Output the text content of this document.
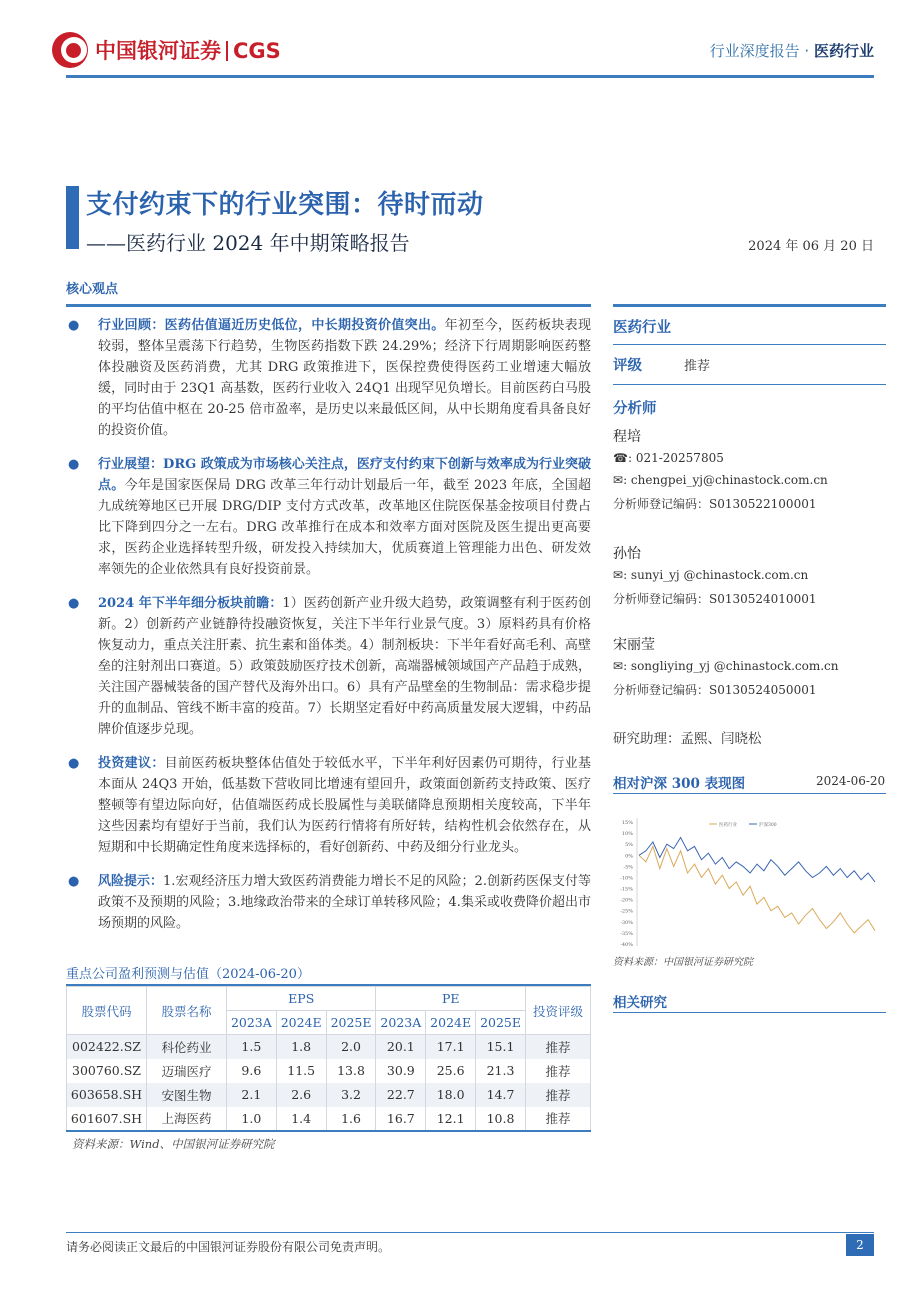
中国银河证券 CGS	行业深度报告 · 医药行业
支付约束下的行业突围：待时而动
——医药行业 2024 年中期策略报告	2024 年 06 月 20 日
核心观点
● 行业回顾：医药估值逼近历史低位，中长期投资价值突出。年初至今，医药板块表现较弱，整体呈震荡下行趋势，生物医药指数下跌 24.29%；经济下行周期影响医药整体投融资及医药消费，尤其 DRG 政策推进下，医保控费使得医药工业增速大幅放缓，同时由于 23Q1 高基数，医药行业收入 24Q1 出现罕见负增长。目前医药白马股的平均估值中枢在 20-25 倍市盈率，是历史以来最低区间，从中长期角度看具备良好的投资价值。
● 行业展望：DRG 政策成为市场核心关注点，医疗支付约束下创新与效率成为行业突破点。今年是国家医保局 DRG 改革三年行动计划最后一年，截至 2023 年底，全国超九成统筹地区已开展 DRG/DIP 支付方式改革，改革地区住院医保基金按项目付费占比下降到四分之一左右。DRG 改革推行在成本和效率方面对医院及医生提出更高要求，医药企业选择转型升级，研发投入持续加大，优质赛道上管理能力出色、研发效率领先的企业依然具有良好投资前景。
● 2024 年下半年细分板块前瞻：1）医药创新产业升级大趋势，政策调整有利于医药创新。2）创新药产业链静待投融资恢复，关注下半年行业景气度。3）原料药具有价格恢复动力，重点关注肝素、抗生素和甾体类。4）制剂板块：下半年看好高毛利、高壁垒的注射剂出口赛道。5）政策鼓励医疗技术创新，高端器械领域国产产品趋于成熟，关注国产器械装备的国产替代及海外出口。6）具有产品壁垒的生物制品：需求稳步提升的血制品、管线不断丰富的疫苗。7）长期坚定看好中药高质量发展大逻辑，中药品牌价值逐步兑现。
● 投资建议：目前医药板块整体估值处于较低水平，下半年利好因素仍可期待，行业基本面从 24Q3 开始，低基数下营收同比增速有望回升，政策面创新药支持政策、医疗整顿等有望边际向好，估值端医药成长股属性与美联储降息预期相关度较高，下半年这些因素均有望好于当前，我们认为医药行情将有所好转，结构性机会依然存在，从短期和中长期确定性角度来选择标的，看好创新药、中药及细分行业龙头。
● 风险提示：1.宏观经济压力增大致医药消费能力增长不足的风险；2.创新药医保支付等政策不及预期的风险；3.地缘政治带来的全球订单转移风险；4.集采或收费降价超出市场预期的风险。
重点公司盈利预测与估值（2024-06-20）
股票代码	股票名称	EPS			PE			投资评级
		2023A	2024E	2025E	2023A	2024E	2025E	
002422.SZ	科伦药业	1.5	1.8	2.0	20.1	17.1	15.1	推荐
300760.SZ	迈瑞医疗	9.6	11.5	13.8	30.9	25.6	21.3	推荐
603658.SH	安图生物	2.1	2.6	3.2	22.7	18.0	14.7	推荐
601607.SH	上海医药	1.0	1.4	1.6	16.7	12.1	10.8	推荐
资料来源：Wind、中国银河证券研究院
医药行业
评级	推荐
分析师
程培
☎: 021-20257805
✉: chengpei_yj@chinastock.com.cn
分析师登记编码：S0130522100001
孙怡
✉: sunyi_yj @chinastock.com.cn
分析师登记编码：S0130524010001
宋丽莹
✉: songliying_yj @chinastock.com.cn
分析师登记编码：S0130524050001
研究助理：孟熙、闫晓松
相对沪深 300 表现图	2024-06-20
15%
10%
5%
0%
-5%
-10%
-15%
-20%
-25%
-30%
-35%
-40%
医药行业	沪深300
资料来源：中国银河证券研究院
相关研究
请务必阅读正文最后的中国银河证券股份有限公司免责声明。	2
